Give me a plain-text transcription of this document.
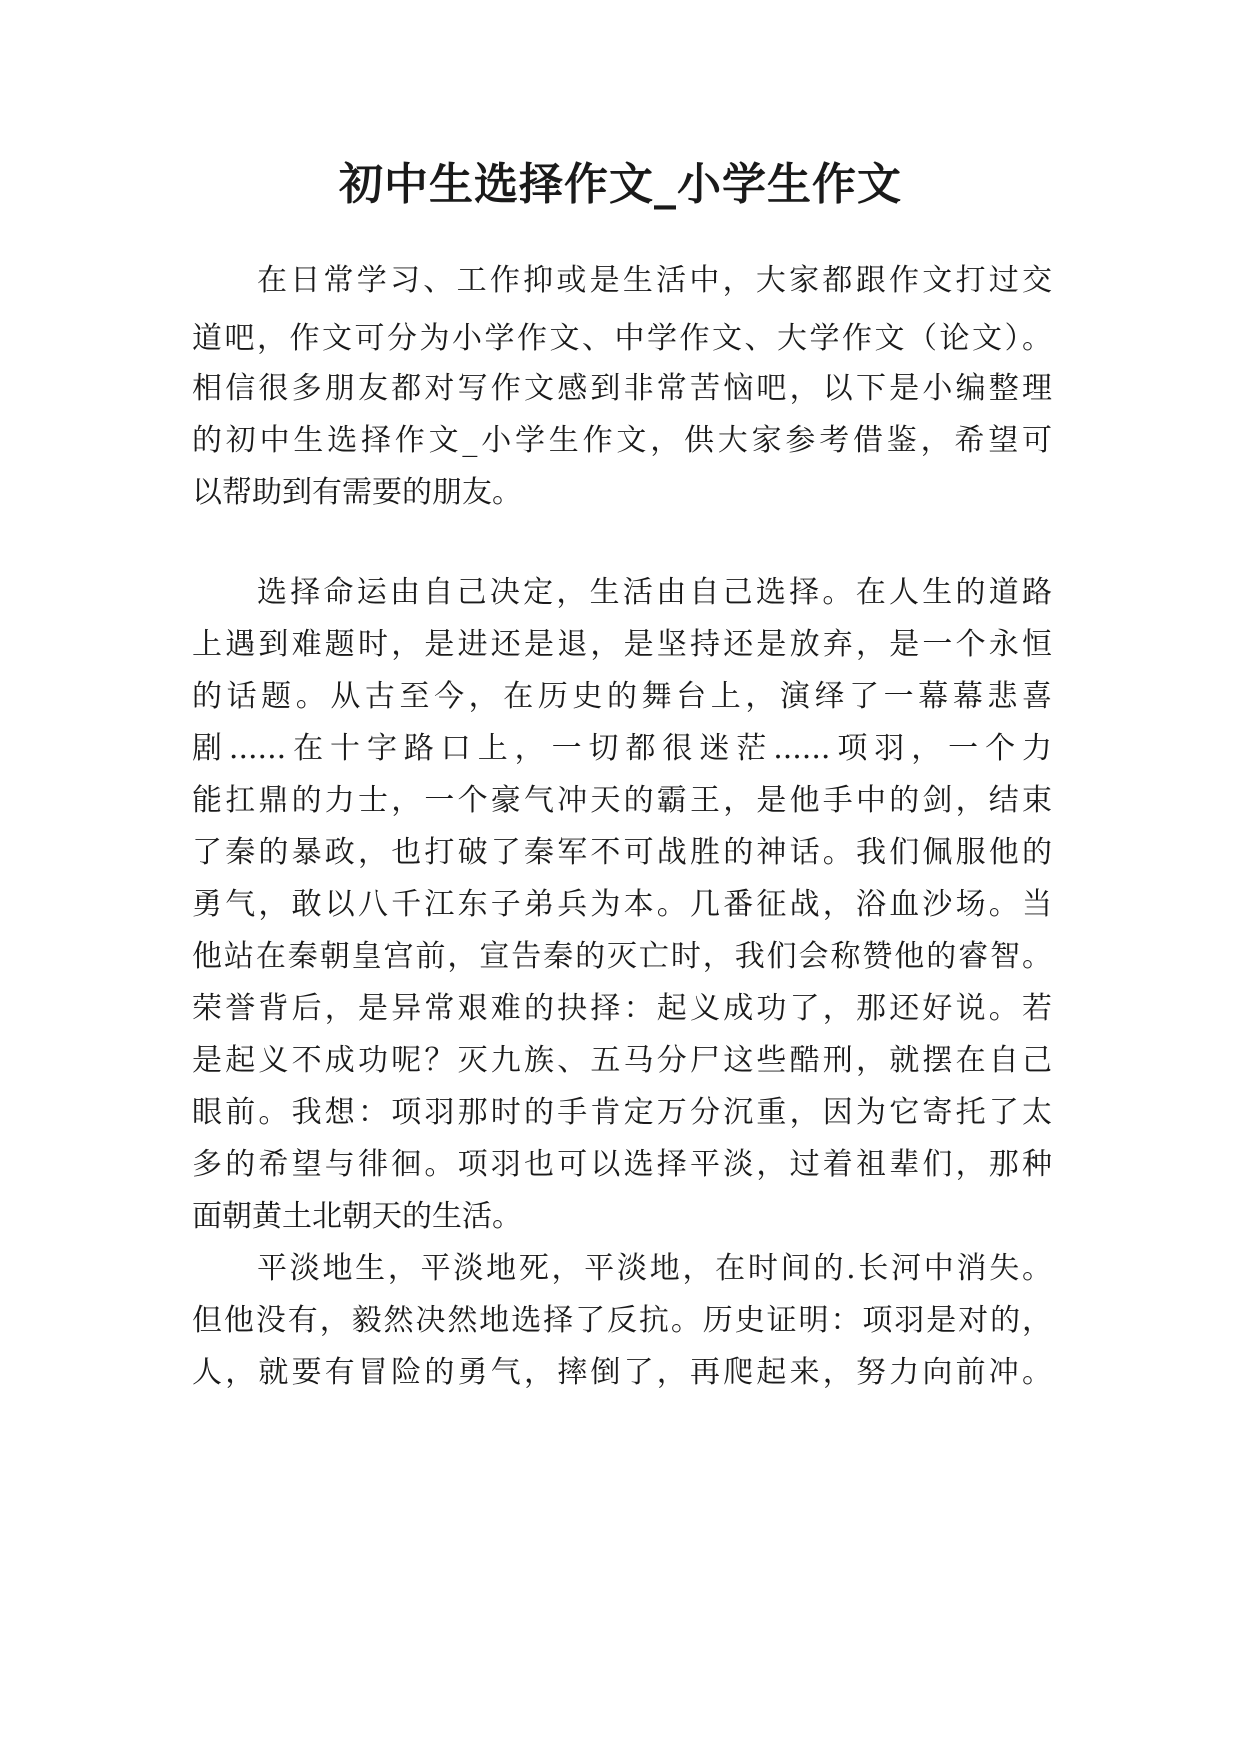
初中生选择作文_小学生作文
在日常学习、工作抑或是生活中，大家都跟作文打过交
道吧，作文可分为小学作文、中学作文、大学作文（论文）。
相信很多朋友都对写作文感到非常苦恼吧，以下是小编整理
的初中生选择作文_小学生作文，供大家参考借鉴，希望可
以帮助到有需要的朋友。
选择命运由自己决定，生活由自己选择。在人生的道路
上遇到难题时，是进还是退，是坚持还是放弃，是一个永恒
的话题。从古至今，在历史的舞台上，演绎了一幕幕悲喜
剧......在十字路口上，一切都很迷茫......项羽，一个力
能扛鼎的力士，一个豪气冲天的霸王，是他手中的剑，结束
了秦的暴政，也打破了秦军不可战胜的神话。我们佩服他的
勇气，敢以八千江东子弟兵为本。几番征战，浴血沙场。当
他站在秦朝皇宫前，宣告秦的灭亡时，我们会称赞他的睿智。
荣誉背后，是异常艰难的抉择：起义成功了，那还好说。若
是起义不成功呢？灭九族、五马分尸这些酷刑，就摆在自己
眼前。我想：项羽那时的手肯定万分沉重，因为它寄托了太
多的希望与徘徊。项羽也可以选择平淡，过着祖辈们，那种
面朝黄土北朝天的生活。
平淡地生，平淡地死，平淡地，在时间的.长河中消失。
但他没有，毅然决然地选择了反抗。历史证明：项羽是对的，
人，就要有冒险的勇气，摔倒了，再爬起来，努力向前冲。
